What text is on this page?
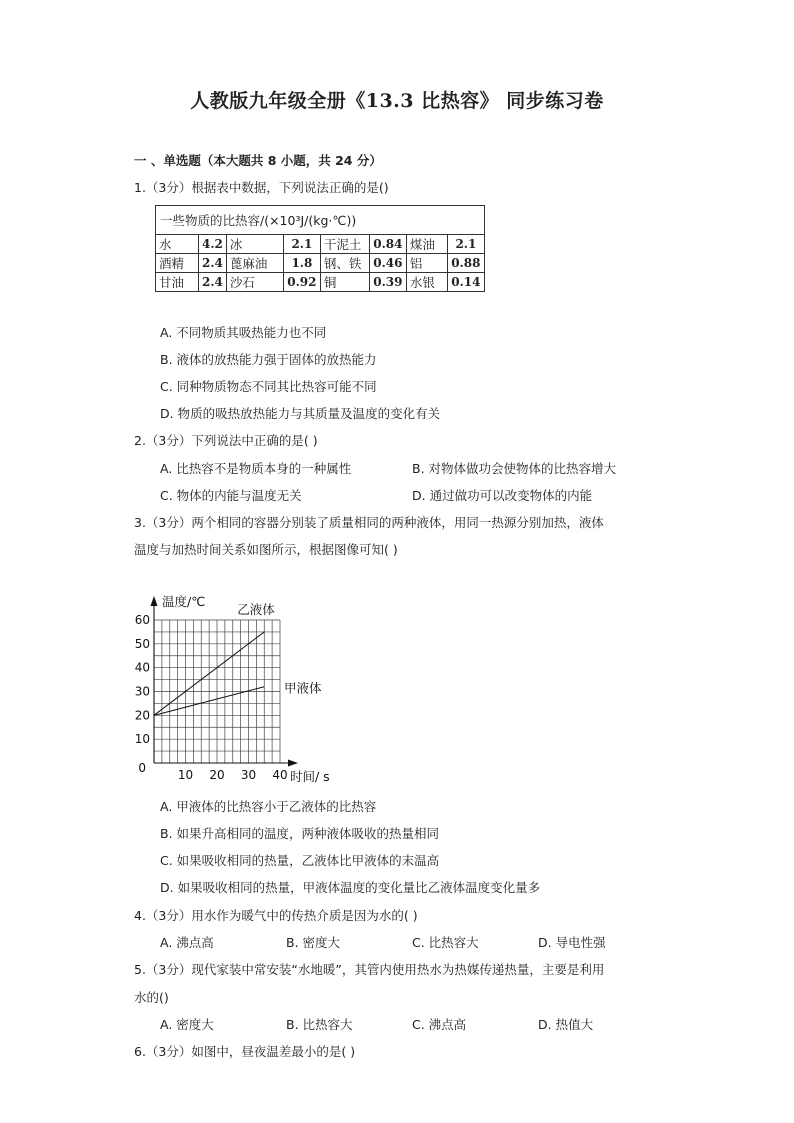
人教版九年级全册《13.3 比热容》 同步练习卷
一 、单选题（本大题共 8 小题，共 24 分）
1.（3分）根据表中数据，下列说法正确的是()
一些物质的比热容/(×10³J/(kg·℃))							
水	4.2	冰	2.1	干泥土	0.84	煤油	2.1
酒精	2.4	蓖麻油	1.8	钢、铁	0.46	铝	0.88
甘油	2.4	沙石	0.92	铜	0.39	水银	0.14
A. 不同物质其吸热能力也不同
B. 液体的放热能力强于固体的放热能力
C. 同种物质物态不同其比热容可能不同
D. 物质的吸热放热能力与其质量及温度的变化有关
2.（3分）下列说法中正确的是( )
A. 比热容不是物质本身的一种属性	B. 对物体做功会使物体的比热容增大
C. 物体的内能与温度无关	D. 通过做功可以改变物体的内能
3.（3分）两个相同的容器分别装了质量相同的两种液体，用同一热源分别加热，液体
温度与加热时间关系如图所示，根据图像可知( )
乙液体
甲液体
10
20
30
40
50
60
10 20 30 40
0
温度/℃
时间/ s
A. 甲液体的比热容小于乙液体的比热容
B. 如果升高相同的温度，两种液体吸收的热量相同
C. 如果吸收相同的热量，乙液体比甲液体的末温高
D. 如果吸收相同的热量，甲液体温度的变化量比乙液体温度变化量多
4.（3分）用水作为暖气中的传热介质是因为水的( )
A. 沸点高	B. 密度大	C. 比热容大	D. 导电性强
5.（3分）现代家装中常安装“水地暖”，其管内使用热水为热媒传递热量，主要是利用
水的()
A. 密度大	B. 比热容大	C. 沸点高	D. 热值大
6.（3分）如图中，昼夜温差最小的是( )
